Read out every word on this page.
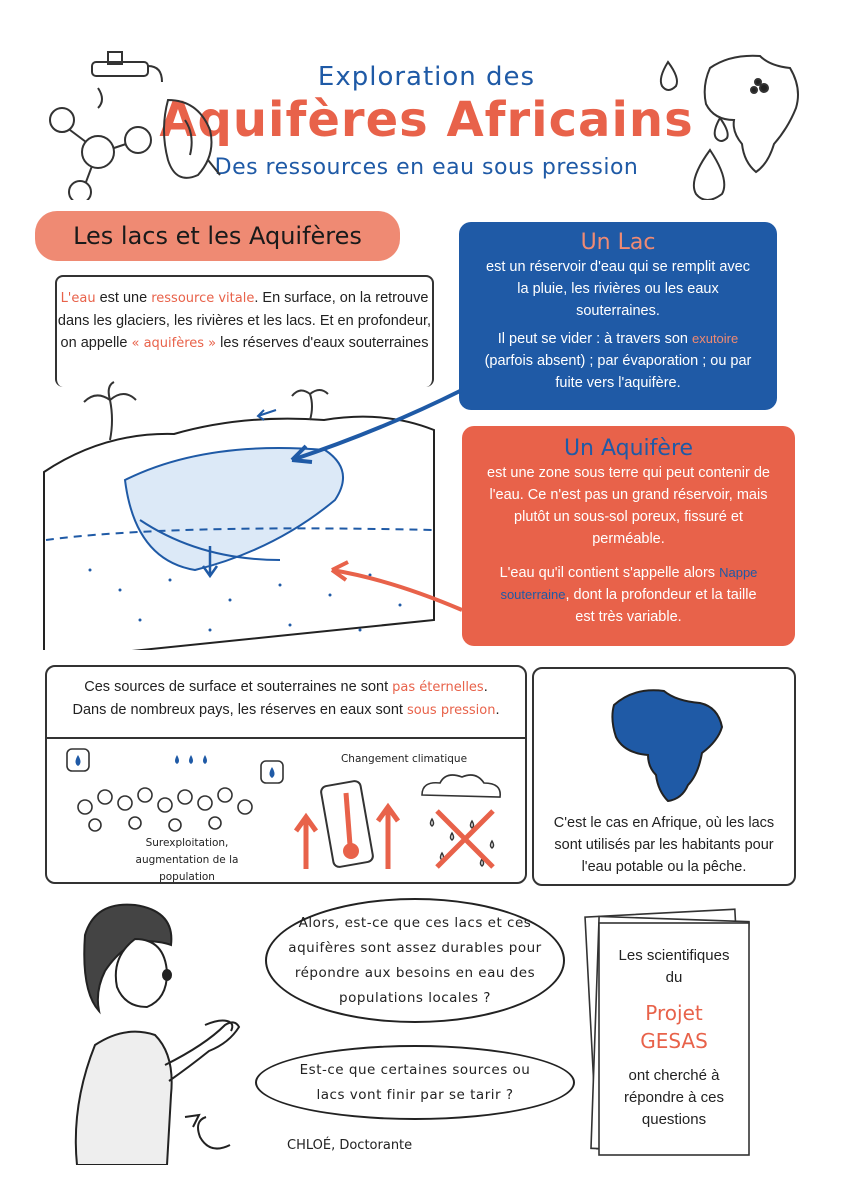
Exploration des
Aquifères Africains
Des ressources en eau sous pression
Les lacs et les Aquifères
L'eau est une ressource vitale. En surface, on la retrouve dans les glaciers, les rivières et les lacs. Et en profondeur, on appelle « aquifères » les réserves d'eaux souterraines
Un Lac
est un réservoir d'eau qui se remplit avec la pluie, les rivières ou les eaux souterraines.
Il peut se vider : à travers son exutoire (parfois absent) ; par évaporation ; ou par fuite vers l'aquifère.
Un Aquifère
est une zone sous terre qui peut contenir de l'eau. Ce n'est pas un grand réservoir, mais plutôt un sous-sol poreux, fissuré et perméable.
L'eau qu'il contient s'appelle alors Nappe souterraine, dont la profondeur et la taille est très variable.
Ces sources de surface et souterraines ne sont pas éternelles.
Dans de nombreux pays, les réserves en eaux sont sous pression.
Surexploitation,
augmentation de la population
Changement climatique
C'est le cas en Afrique, où les lacs sont utilisés par les habitants pour l'eau potable ou la pêche.
CHLOÉ, Doctorante
Alors, est-ce que ces lacs et ces aquifères sont assez durables pour répondre aux besoins en eau des populations locales ?
Est-ce que certaines sources ou lacs vont finir par se tarir ?
Les scientifiques du
Projet GESAS
ont cherché à répondre à ces questions
